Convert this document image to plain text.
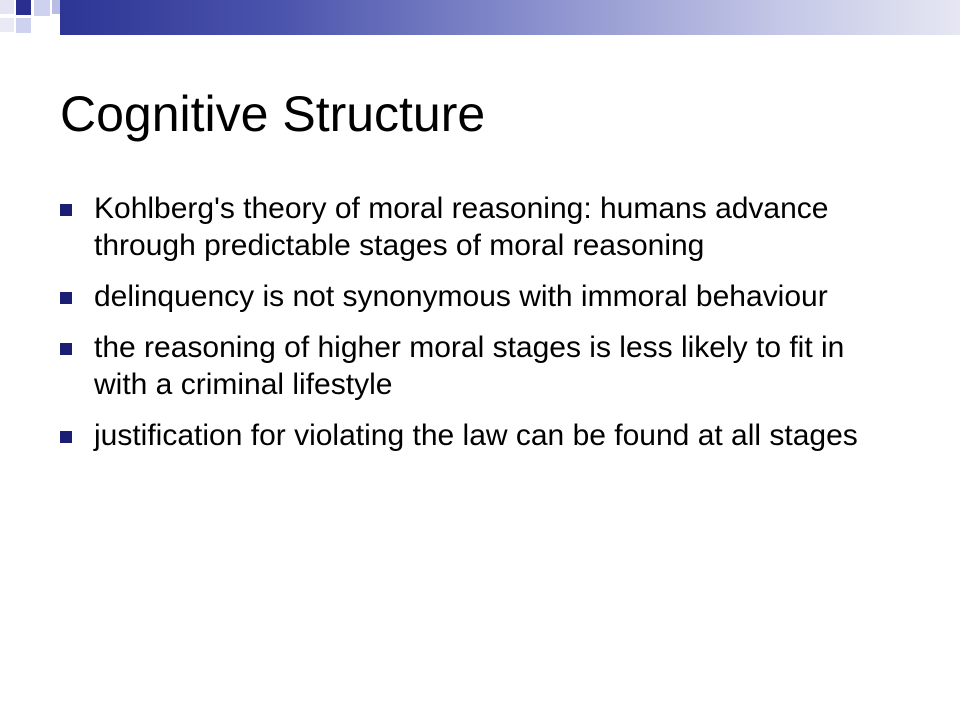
Cognitive Structure
Kohlberg's theory of moral reasoning: humans advance through predictable stages of moral reasoning
delinquency is not synonymous with immoral behaviour
the reasoning of higher moral stages is less likely to fit in with a criminal lifestyle
justification for violating the law can be found at all stages
